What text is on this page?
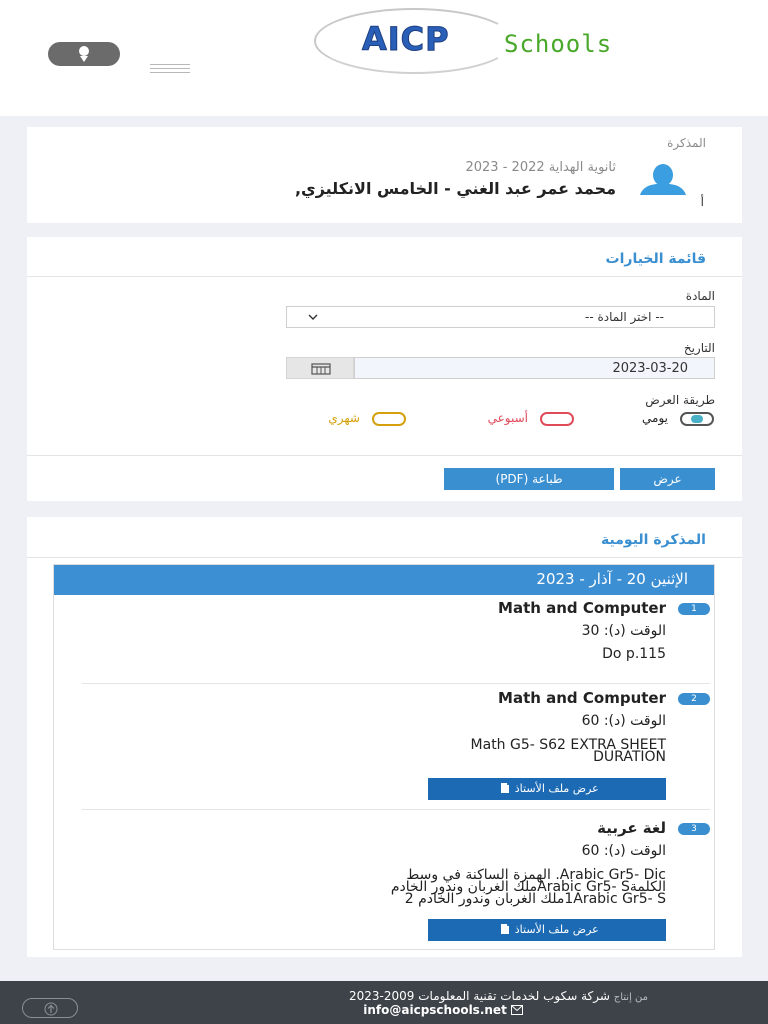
AICP Schools
المذكرة
ثانوية الهداية 2022 - 2023
محمد عمر عبد الغني - الخامس الانكليزي,
أ
قائمة الخيارات
المادة
-- اختر المادة --
التاريخ
2023-03-20
طريقة العرض
يومي
أسبوعي
شهري
عرض
طباعة (PDF)
المذكرة اليومية
الإثنين 20 - آذار - 2023
1
Math and Computer
الوقت (د): 30
Do p.115
2
Math and Computer
الوقت (د): 60
Math G5- S62 EXTRA SHEET
DURATION
عرض ملف الأستاذ
3
لغة عربية
الوقت (د): 60
Arabic Gr5- Dic. الهمزة الساكنة في وسط
الكلمةArabic Gr5- Sملك الغربان وندور الخادم
1Arabic Gr5- Sملك الغربان وندور الخادم 2
عرض ملف الأستاذ
من إنتاج شركة سكوب لخدمات تقنية المعلومات 2009-2023
info@aicpschools.net
